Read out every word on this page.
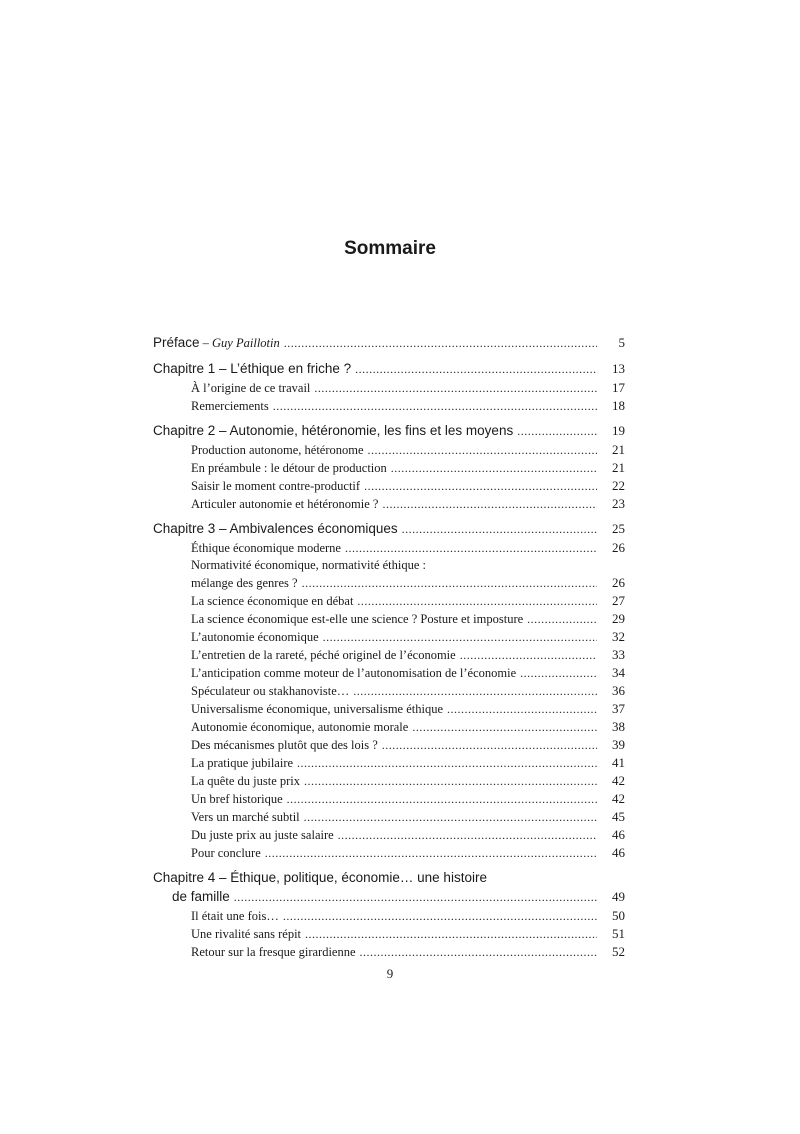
Sommaire
Préface – Guy Paillotin .....	5
Chapitre 1 – L’éthique en friche ? .....	13
À l’origine de ce travail .....	17
Remerciements .....	18
Chapitre 2 – Autonomie, hétéronomie, les fins et les moyens .....	19
Production autonome, hétéronome .....	21
En préambule : le détour de production .....	21
Saisir le moment contre-productif .....	22
Articuler autonomie et hétéronomie ? .....	23
Chapitre 3 – Ambivalences économiques .....	25
Éthique économique moderne .....	26
Normativité économique, normativité éthique :
mélange des genres ? .....	26
La science économique en débat .....	27
La science économique est-elle une science ? Posture et imposture .....	29
L’autonomie économique .....	32
L’entretien de la rareté, péché originel de l’économie .....	33
L’anticipation comme moteur de l’autonomisation de l’économie .....	34
Spéculateur ou stakhanoviste… .....	36
Universalisme économique, universalisme éthique .....	37
Autonomie économique, autonomie morale .....	38
Des mécanismes plutôt que des lois ? .....	39
La pratique jubilaire .....	41
La quête du juste prix .....	42
Un bref historique .....	42
Vers un marché subtil .....	45
Du juste prix au juste salaire .....	46
Pour conclure .....	46
Chapitre 4 – Éthique, politique, économie… une histoire
de famille .....	49
Il était une fois… .....	50
Une rivalité sans répit .....	51
Retour sur la fresque girardienne .....	52
9
